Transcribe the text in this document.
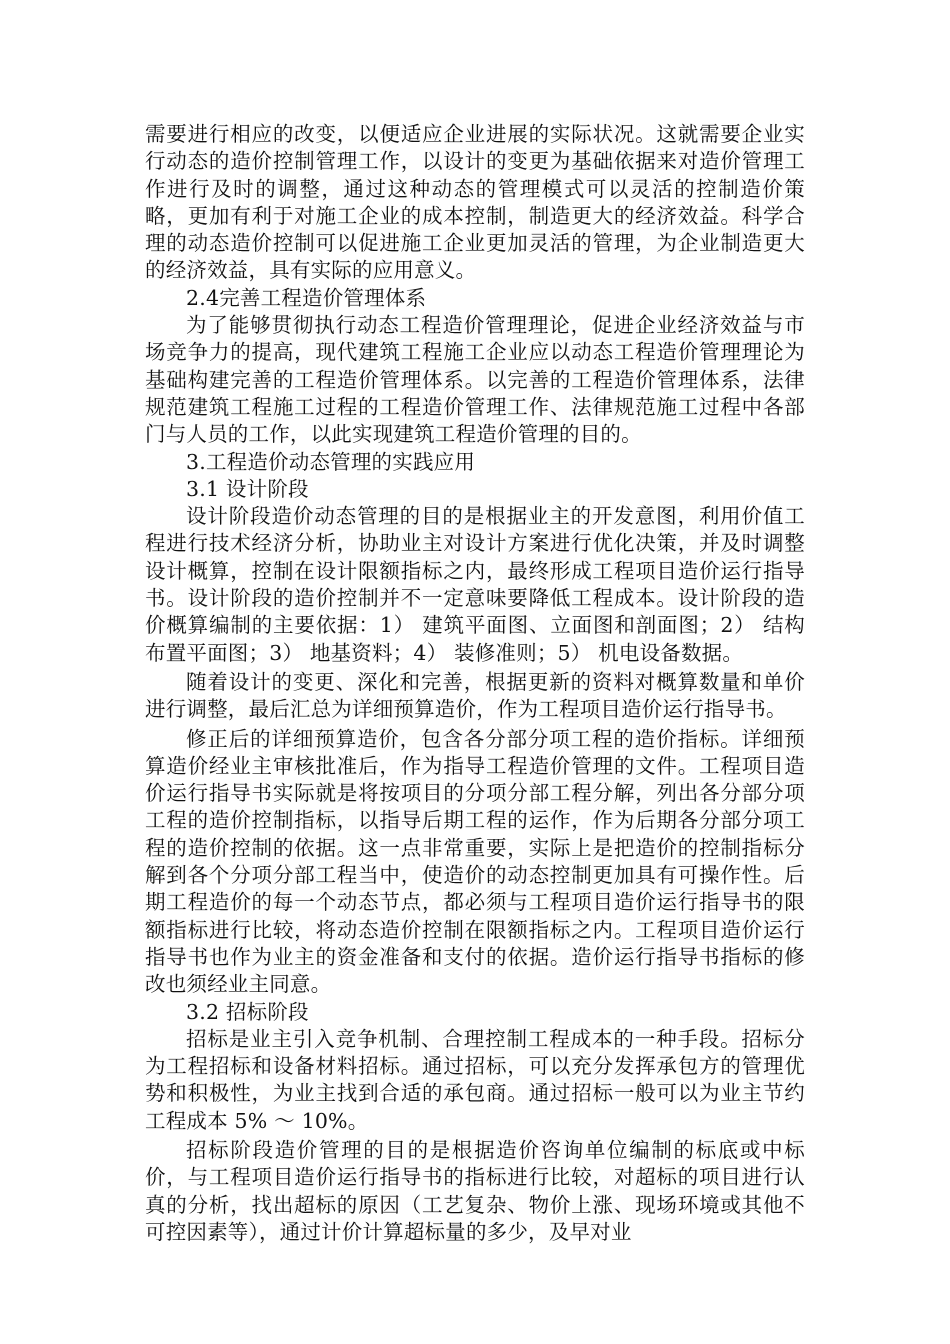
需要进行相应的改变，以便适应企业进展的实际状况。这就需要企业实行动态的造价控制管理工作，以设计的变更为基础依据来对造价管理工作进行及时的调整，通过这种动态的管理模式可以灵活的控制造价策略，更加有利于对施工企业的成本控制，制造更大的经济效益。科学合理的动态造价控制可以促进施工企业更加灵活的管理，为企业制造更大的经济效益，具有实际的应用意义。

2.4完善工程造价管理体系

为了能够贯彻执行动态工程造价管理理论，促进企业经济效益与市场竞争力的提高，现代建筑工程施工企业应以动态工程造价管理理论为基础构建完善的工程造价管理体系。以完善的工程造价管理体系，法律规范建筑工程施工过程的工程造价管理工作、法律规范施工过程中各部门与人员的工作，以此实现建筑工程造价管理的目的。

3.工程造价动态管理的实践应用

3.1 设计阶段

设计阶段造价动态管理的目的是根据业主的开发意图，利用价值工程进行技术经济分析，协助业主对设计方案进行优化决策，并及时调整设计概算，控制在设计限额指标之内，最终形成工程项目造价运行指导书。设计阶段的造价控制并不一定意味要降低工程成本。设计阶段的造价概算编制的主要依据：1） 建筑平面图、立面图和剖面图；2） 结构布置平面图；3） 地基资料；4） 装修准则；5） 机电设备数据。

随着设计的变更、深化和完善，根据更新的资料对概算数量和单价进行调整，最后汇总为详细预算造价，作为工程项目造价运行指导书。

修正后的详细预算造价，包含各分部分项工程的造价指标。详细预算造价经业主审核批准后，作为指导工程造价管理的文件。工程项目造价运行指导书实际就是将按项目的分项分部工程分解，列出各分部分项工程的造价控制指标，以指导后期工程的运作，作为后期各分部分项工程的造价控制的依据。这一点非常重要，实际上是把造价的控制指标分解到各个分项分部工程当中，使造价的动态控制更加具有可操作性。后期工程造价的每一个动态节点，都必须与工程项目造价运行指导书的限额指标进行比较，将动态造价控制在限额指标之内。工程项目造价运行指导书也作为业主的资金准备和支付的依据。造价运行指导书指标的修改也须经业主同意。

3.2 招标阶段

招标是业主引入竞争机制、合理控制工程成本的一种手段。招标分为工程招标和设备材料招标。通过招标，可以充分发挥承包方的管理优势和积极性，为业主找到合适的承包商。通过招标一般可以为业主节约工程成本 5% ～ 10%。

招标阶段造价管理的目的是根据造价咨询单位编制的标底或中标价，与工程项目造价运行指导书的指标进行比较，对超标的项目进行认真的分析，找出超标的原因（工艺复杂、物价上涨、现场环境或其他不可控因素等），通过计价计算超标量的多少，及早对业
